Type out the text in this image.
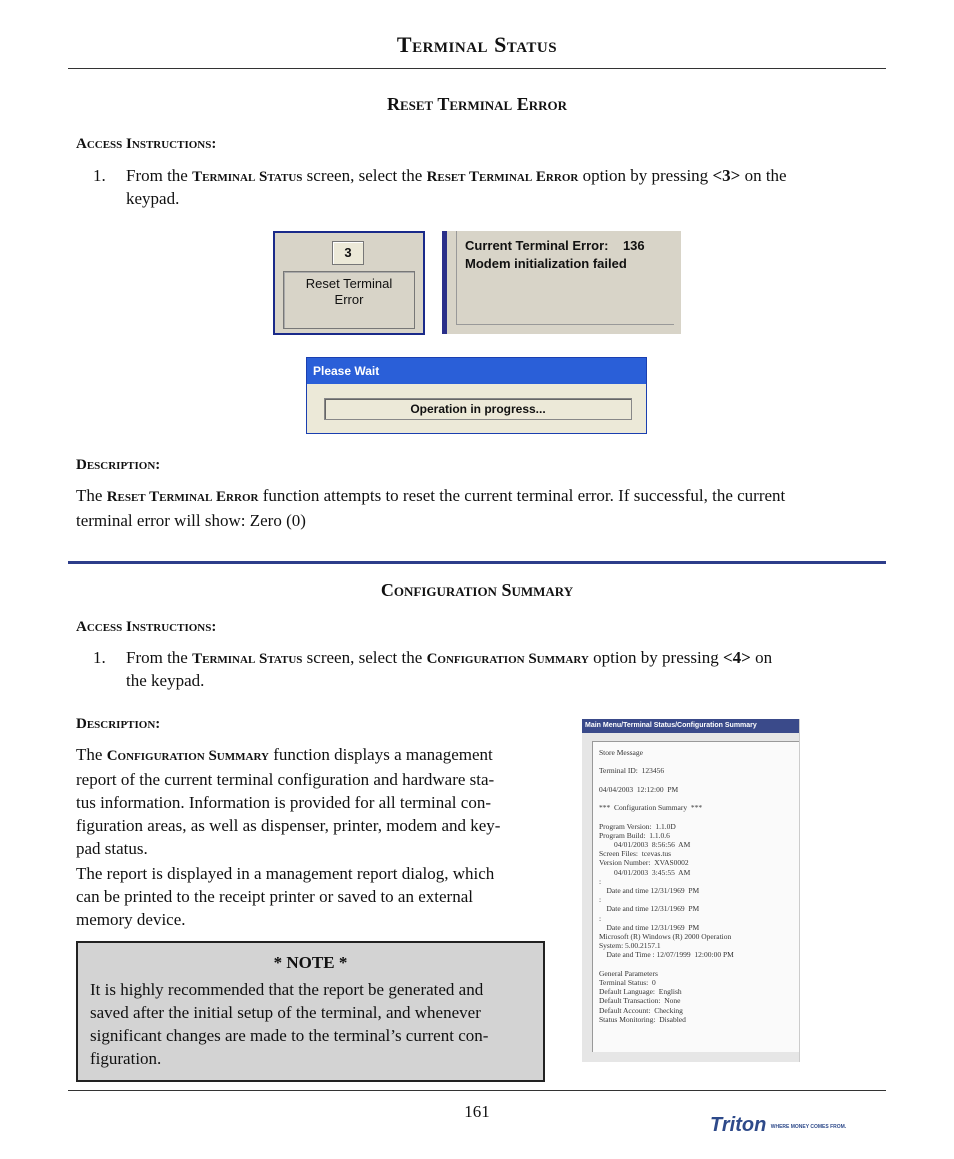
Terminal Status
Reset Terminal Error
Access Instructions:
1. From the Terminal Status screen, select the Reset Terminal Error option by pressing <3> on the
keypad.
3
Reset Terminal
Error
Current Terminal Error:    136
Modem initialization failed
Please Wait
Operation in progress...
Description:
The Reset Terminal Error function attempts to reset the current terminal error. If successful, the current
terminal error will show: Zero (0)
Configuration Summary
Access Instructions:
1. From the Terminal Status screen, select the Configuration Summary option by pressing <4> on
the keypad.
Description:
The Configuration Summary function displays a management
report of the current terminal configuration and hardware sta-
tus information. Information is provided for all terminal con-
figuration areas, as well as dispenser, printer, modem and key-
pad status.
The report is displayed in a management report dialog, which
can be printed to the receipt printer or saved to an external
memory device.
* NOTE *
It is highly recommended that the report be generated and
saved after the initial setup of the terminal, and whenever
significant changes are made to the terminal’s current con-
figuration.
Main Menu/Terminal Status/Configuration Summary
Store Message

Terminal ID:  123456

04/04/2003  12:12:00  PM

***  Configuration Summary  ***

Program Version:  1.1.0D
Program Build:  1.1.0.6
04/01/2003  8:56:56  AM
Screen Files:  tcevas.tus
Version Number:  XVAS0002
04/01/2003  3:45:55  AM
:
Date and time 12/31/1969  PM
:
Date and time 12/31/1969  PM
:
Date and time 12/31/1969  PM
Microsoft (R) Windows (R) 2000 Operation
System: 5.00.2157.1
Date and Time : 12/07/1999  12:00:00 PM

General Parameters
Terminal Status:  0
Default Language:  English
Default Transaction:  None
Default Account:  Checking
Status Monitoring:  Disabled
161
Triton WHERE MONEY COMES FROM.
